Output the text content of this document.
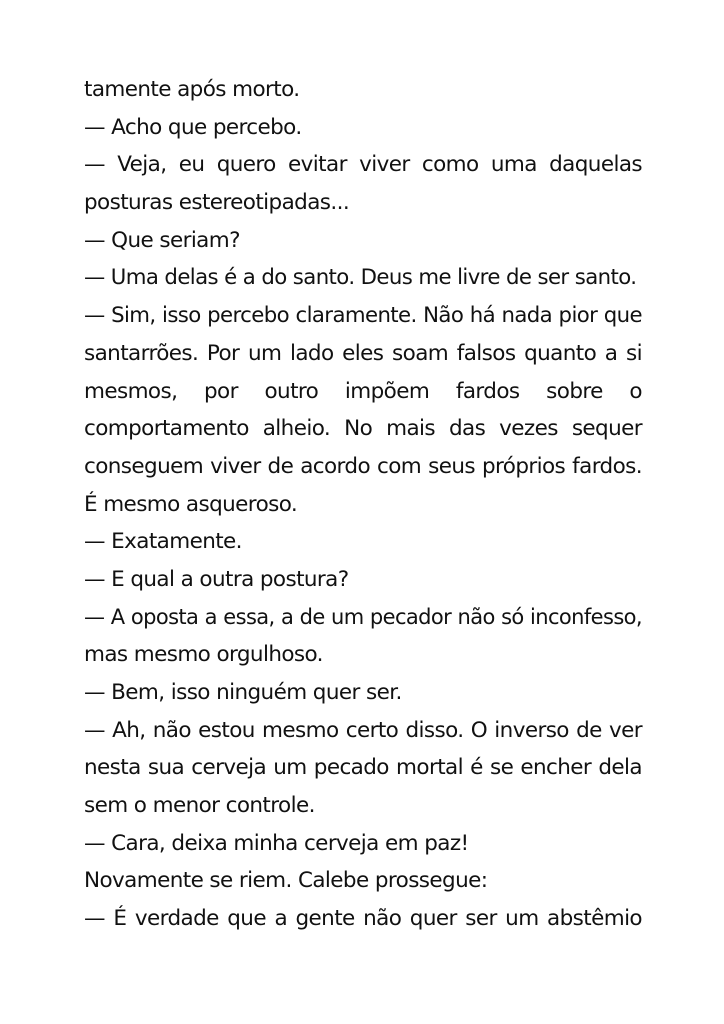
tamente após morto.
— Acho que percebo.
— Veja, eu quero evitar viver como uma daquelas
posturas estereotipadas...
— Que seriam?
— Uma delas é a do santo. Deus me livre de ser santo.
— Sim, isso percebo claramente. Não há nada pior que
santarrões. Por um lado eles soam falsos quanto a si
mesmos, por outro impõem fardos sobre o
comportamento alheio. No mais das vezes sequer
conseguem viver de acordo com seus próprios fardos.
É mesmo asqueroso.
— Exatamente.
— E qual a outra postura?
— A oposta a essa, a de um pecador não só inconfesso,
mas mesmo orgulhoso.
— Bem, isso ninguém quer ser.
— Ah, não estou mesmo certo disso. O inverso de ver
nesta sua cerveja um pecado mortal é se encher dela
sem o menor controle.
— Cara, deixa minha cerveja em paz!
Novamente se riem. Calebe prossegue:
— É verdade que a gente não quer ser um abstêmio
